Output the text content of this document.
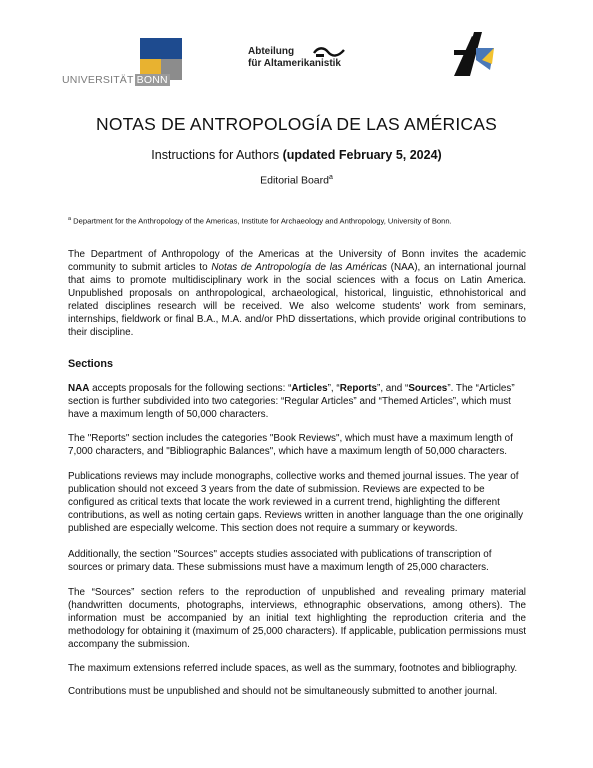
UNIVERSITÄT BONN
Abteilung
für Altamerikanistik
NOTAS DE ANTROPOLOGÍA DE LAS AMÉRICAS
Instructions for Authors (updated February 5, 2024)
Editorial Board$^a$
$^a$ Department for the Anthropology of the Americas, Institute for Archaeology and Anthropology, University of Bonn.

The Department of Anthropology of the Americas at the University of Bonn invites the academic community to submit articles to Notas de Antropología de las Américas (NAA), an international journal that aims to promote multidisciplinary work in the social sciences with a focus on Latin America. Unpublished proposals on anthropological, archaeological, historical, linguistic, ethnohistorical and related disciplines research will be received. We also welcome students' work from seminars, internships, fieldwork or final B.A., M.A. and/or PhD dissertations, which provide original contributions to their discipline.

Sections

NAA accepts proposals for the following sections: “Articles”, “Reports”, and “Sources”. The “Articles” section is further subdivided into two categories: “Regular Articles” and “Themed Articles”, which must have a maximum length of 50,000 characters.

The "Reports" section includes the categories "Book Reviews", which must have a maximum length of 7,000 characters, and "Bibliographic Balances", which have a maximum length of 50,000 characters.

Publications reviews may include monographs, collective works and themed journal issues. The year of publication should not exceed 3 years from the date of submission. Reviews are expected to be configured as critical texts that locate the work reviewed in a current trend, highlighting the different contributions, as well as noting certain gaps. Reviews written in another language than the one originally published are especially welcome. This section does not require a summary or keywords.

Additionally, the section "Sources" accepts studies associated with publications of transcription of sources or primary data. These submissions must have a maximum length of 25,000 characters.

The “Sources” section refers to the reproduction of unpublished and revealing primary material (handwritten documents, photographs, interviews, ethnographic observations, among others). The information must be accompanied by an initial text highlighting the reproduction criteria and the methodology for obtaining it (maximum of 25,000 characters). If applicable, publication permissions must accompany the submission.

The maximum extensions referred include spaces, as well as the summary, footnotes and bibliography.

Contributions must be unpublished and should not be simultaneously submitted to another journal.
